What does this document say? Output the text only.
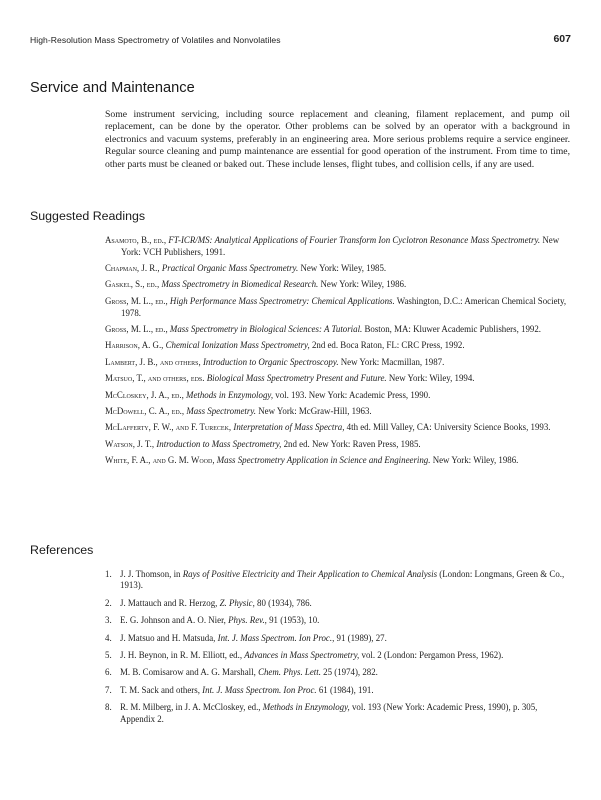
High-Resolution Mass Spectrometry of Volatiles and Nonvolatiles	607
Service and Maintenance

Some instrument servicing, including source replacement and cleaning, filament replacement, and pump oil replacement, can be done by the operator. Other problems can be solved by an operator with a background in electronics and vacuum systems, preferably in an engineering area. More serious problems require a service engineer. Regular source cleaning and pump maintenance are essential for good operation of the instrument. From time to time, other parts must be cleaned or baked out. These include lenses, flight tubes, and collision cells, if any are used.

Suggested Readings
Asamoto, B., ed., FT-ICR/MS: Analytical Applications of Fourier Transform Ion Cyclotron Resonance Mass Spectrometry. New York: VCH Publishers, 1991.
Chapman, J. R., Practical Organic Mass Spectrometry. New York: Wiley, 1985.
Gaskel, S., ed., Mass Spectrometry in Biomedical Research. New York: Wiley, 1986.
Gross, M. L., ed., High Performance Mass Spectrometry: Chemical Applications. Washington, D.C.: American Chemical Society, 1978.
Gross, M. L., ed., Mass Spectrometry in Biological Sciences: A Tutorial. Boston, MA: Kluwer Academic Publishers, 1992.
Harrison, A. G., Chemical Ionization Mass Spectrometry, 2nd ed. Boca Raton, FL: CRC Press, 1992.
Lambert, J. B., and others, Introduction to Organic Spectroscopy. New York: Macmillan, 1987.
Matsuo, T., and others, eds. Biological Mass Spectrometry Present and Future. New York: Wiley, 1994.
McCloskey, J. A., ed., Methods in Enzymology, vol. 193. New York: Academic Press, 1990.
McDowell, C. A., ed., Mass Spectrometry. New York: McGraw-Hill, 1963.
McLafferty, F. W., and F. Turecek, Interpretation of Mass Spectra, 4th ed. Mill Valley, CA: University Science Books, 1993.
Watson, J. T., Introduction to Mass Spectrometry, 2nd ed. New York: Raven Press, 1985.
White, F. A., and G. M. Wood, Mass Spectrometry Application in Science and Engineering. New York: Wiley, 1986.
References
1. J. J. Thomson, in Rays of Positive Electricity and Their Application to Chemical Analysis (London: Longmans, Green & Co., 1913).
2. J. Mattauch and R. Herzog, Z. Physic, 80 (1934), 786.
3. E. G. Johnson and A. O. Nier, Phys. Rev., 91 (1953), 10.
4. J. Matsuo and H. Matsuda, Int. J. Mass Spectrom. Ion Proc., 91 (1989), 27.
5. J. H. Beynon, in R. M. Elliott, ed., Advances in Mass Spectrometry, vol. 2 (London: Pergamon Press, 1962).
6. M. B. Comisarow and A. G. Marshall, Chem. Phys. Lett. 25 (1974), 282.
7. T. M. Sack and others, Int. J. Mass Spectrom. Ion Proc. 61 (1984), 191.
8. R. M. Milberg, in J. A. McCloskey, ed., Methods in Enzymology, vol. 193 (New York: Academic Press, 1990), p. 305, Appendix 2.
